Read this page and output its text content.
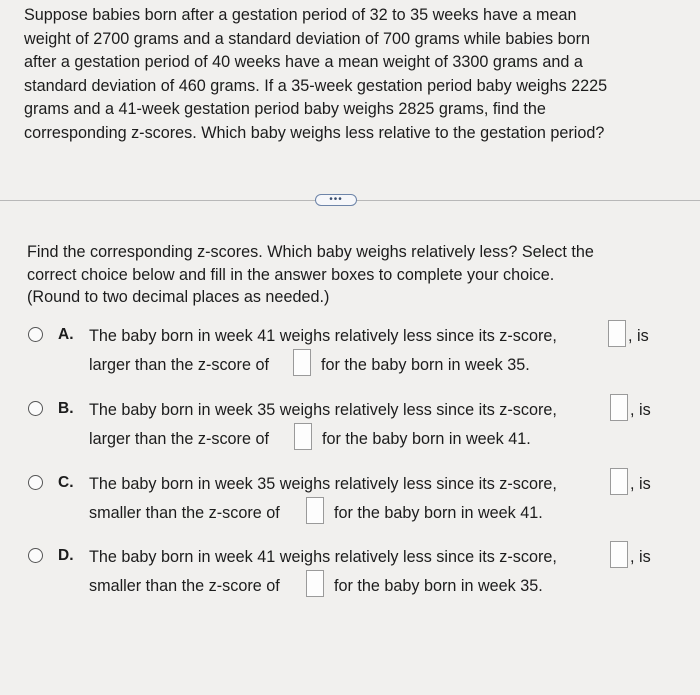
Suppose babies born after a gestation period of 32 to 35 weeks have a mean

weight of 2700 grams and a standard deviation of 700 grams while babies born

after a gestation period of 40 weeks have a mean weight of 3300 grams and a

standard deviation of 460 grams. If a 35-week gestation period baby weighs 2225

grams and a 41-week gestation period baby weighs 2825 grams, find the

corresponding z-scores. Which baby weighs less relative to the gestation period?

•••

Find the corresponding z-scores. Which baby weighs relatively less? Select the

correct choice below and fill in the answer boxes to complete your choice.

(Round to two decimal places as needed.)

A. The baby born in week 41 weighs relatively less since its z-score,	, is
larger than the z-score of	for the baby born in week 35.
B. The baby born in week 35 weighs relatively less since its z-score,	, is
larger than the z-score of	for the baby born in week 41.
C. The baby born in week 35 weighs relatively less since its z-score,	, is
smaller than the z-score of	for the baby born in week 41.
D. The baby born in week 41 weighs relatively less since its z-score,	, is
smaller than the z-score of	for the baby born in week 35.
